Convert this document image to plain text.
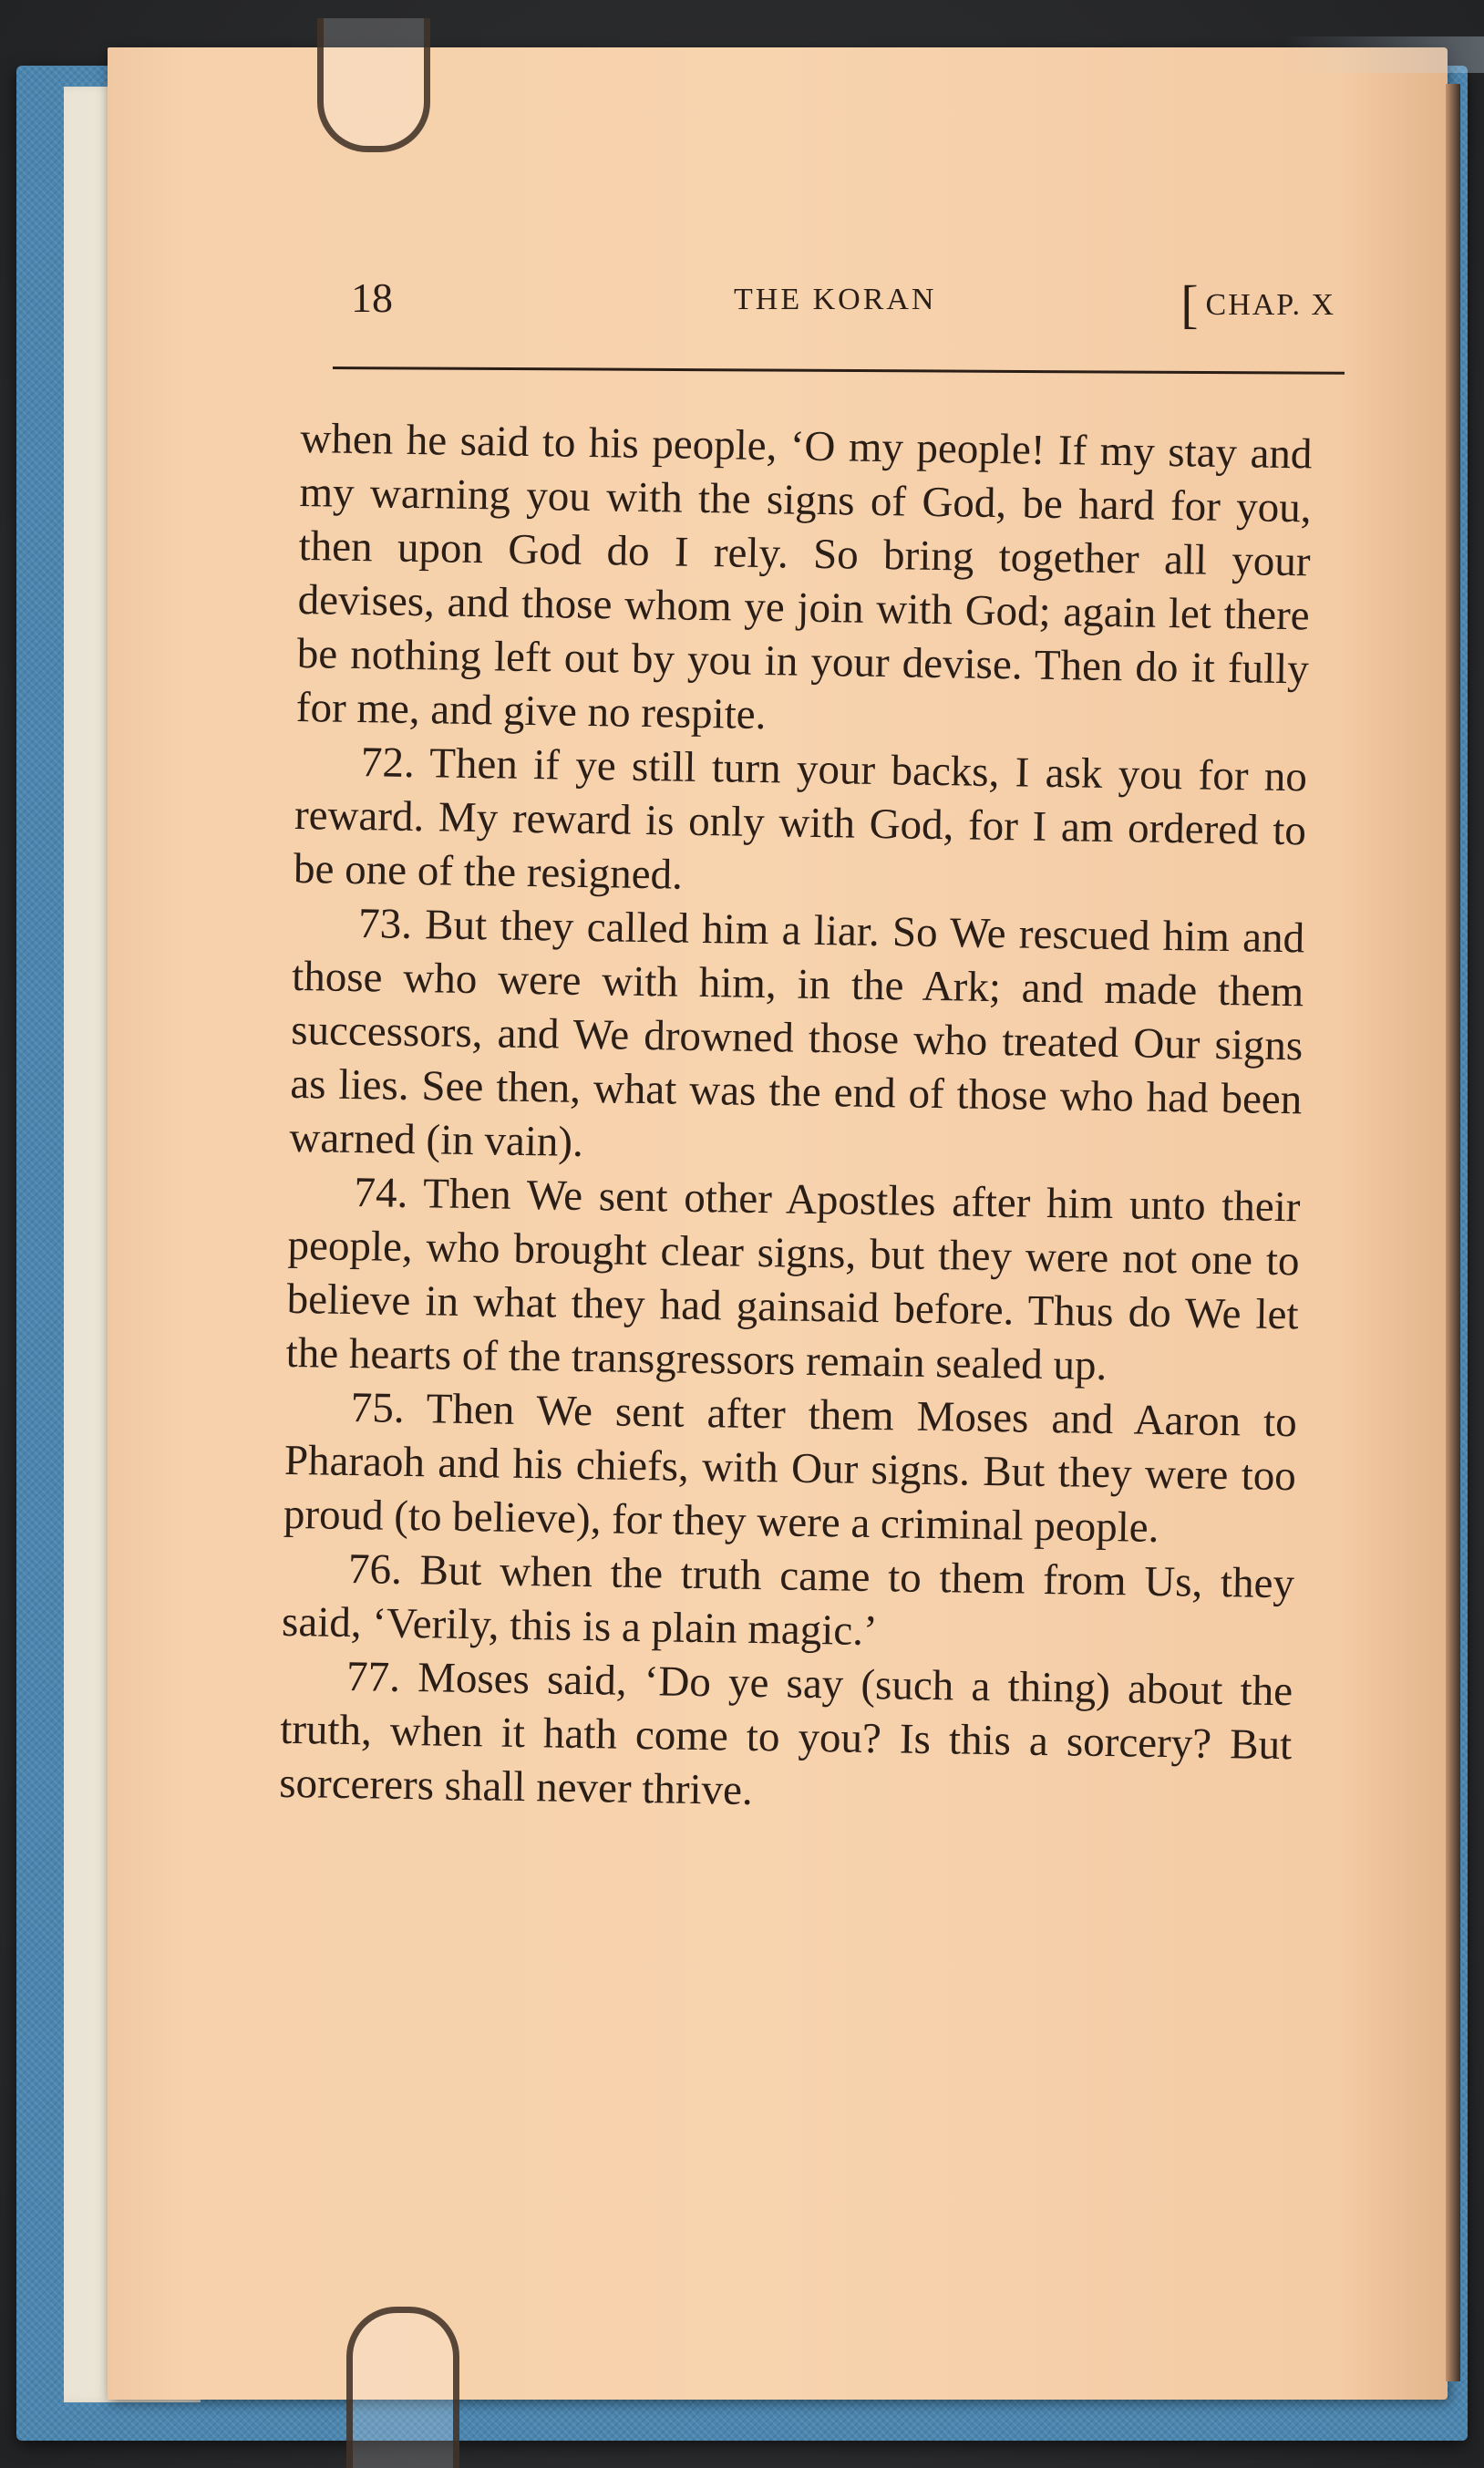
18	THE KORAN	[ CHAP. X

when he said to his people, ‘O my people! If my stay and my warning you with the signs of God, be hard for you, then upon God do I rely. So bring together all your devises, and those whom ye join with God; again let there be nothing left out by you in your devise. Then do it fully for me, and give no respite.

72. Then if ye still turn your backs, I ask you for no reward. My reward is only with God, for I am ordered to be one of the resigned.

73. But they called him a liar. So We rescued him and those who were with him, in the Ark; and made them successors, and We drowned those who treated Our signs as lies. See then, what was the end of those who had been warned (in vain).

74. Then We sent other Apostles after him unto their people, who brought clear signs, but they were not one to believe in what they had gainsaid before. Thus do We let the hearts of the transgressors remain sealed up.

75. Then We sent after them Moses and Aaron to Pharaoh and his chiefs, with Our signs. But they were too proud (to believe), for they were a criminal people.

76. But when the truth came to them from Us, they said, ‘Verily, this is a plain magic.’

77. Moses said, ‘Do ye say (such a thing) about the truth, when it hath come to you? Is this a sorcery? But sorcerers shall never thrive.
